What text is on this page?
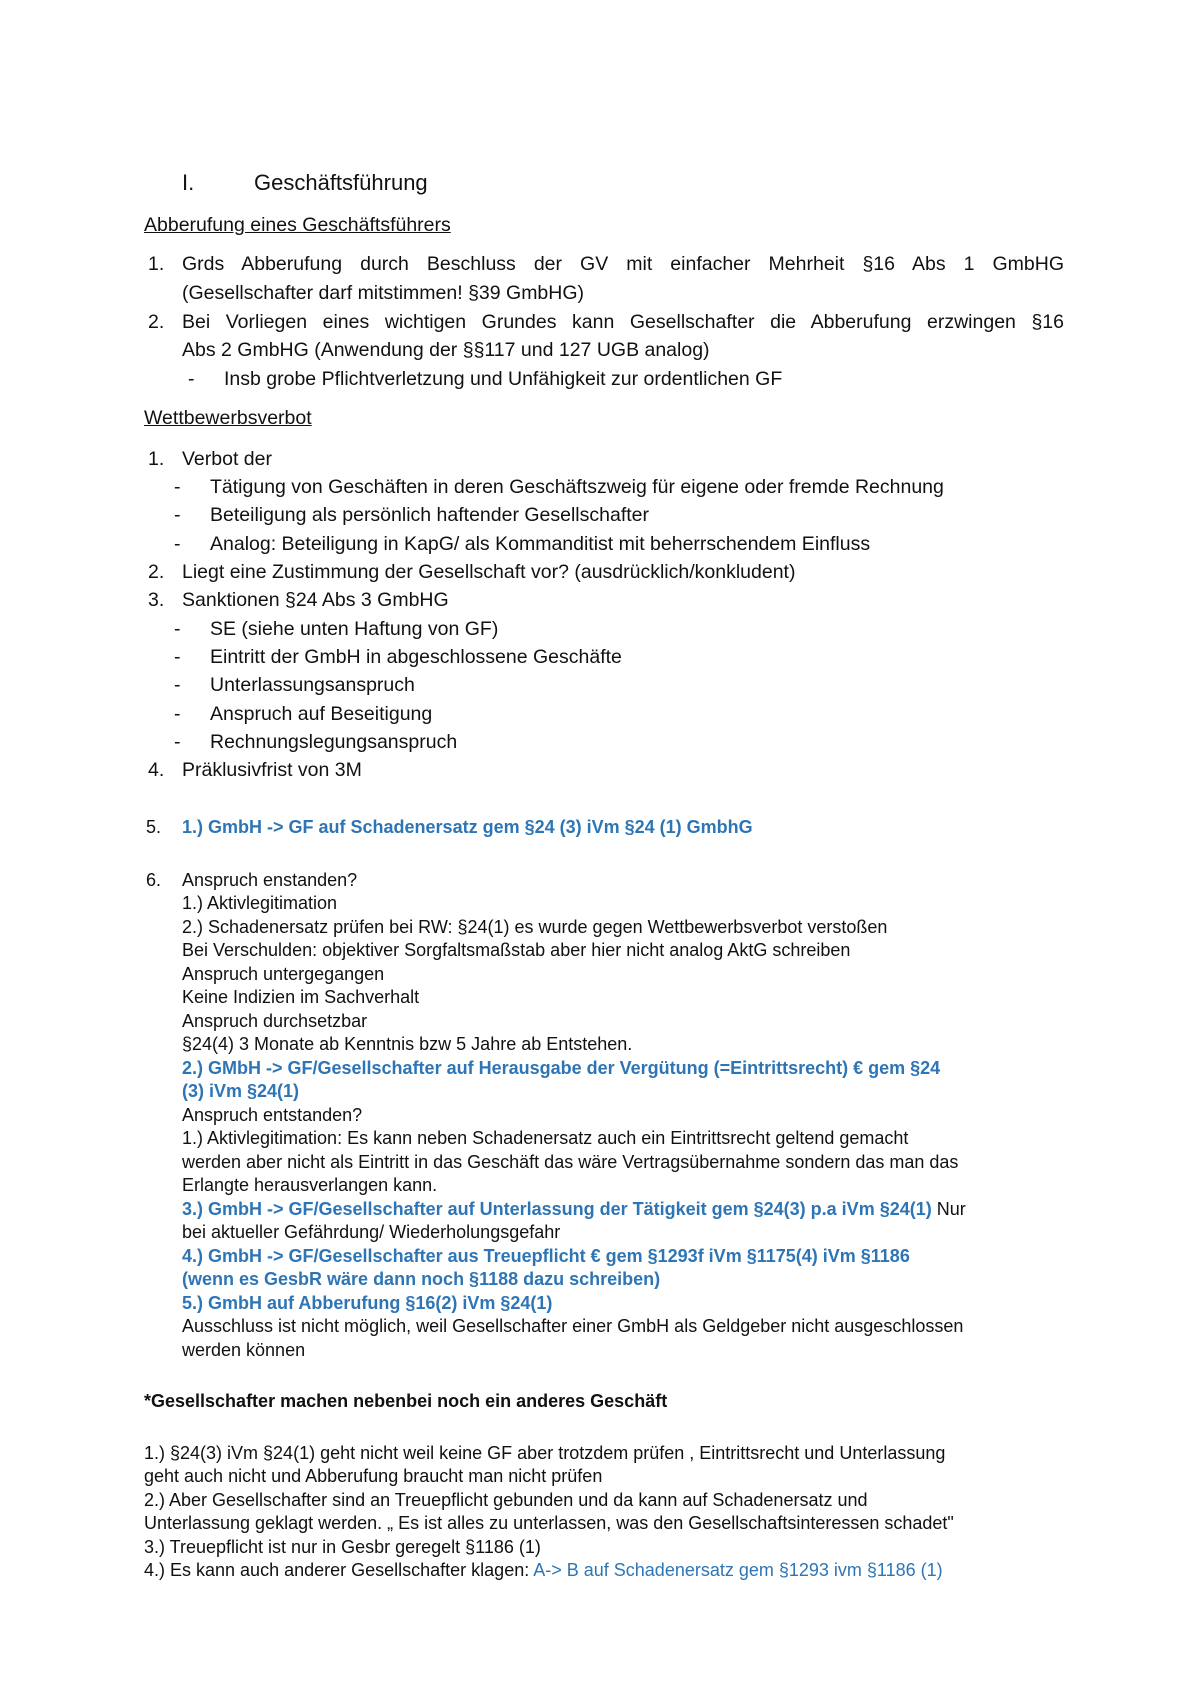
I.	Geschäftsführung
Abberufung eines Geschäftsführers
1. Grds Abberufung durch Beschluss der GV mit einfacher Mehrheit §16 Abs 1 GmbHG
(Gesellschafter darf mitstimmen! §39 GmbHG)
2. Bei Vorliegen eines wichtigen Grundes kann Gesellschafter die Abberufung erzwingen §16
Abs 2 GmbHG (Anwendung der §§117 und 127 UGB analog)
- Insb grobe Pflichtverletzung und Unfähigkeit zur ordentlichen GF
Wettbewerbsverbot
1. Verbot der
- Tätigung von Geschäften in deren Geschäftszweig für eigene oder fremde Rechnung
- Beteiligung als persönlich haftender Gesellschafter
- Analog: Beteiligung in KapG/ als Kommanditist mit beherrschendem Einfluss
2. Liegt eine Zustimmung der Gesellschaft vor? (ausdrücklich/konkludent)
3. Sanktionen §24 Abs 3 GmbHG
- SE (siehe unten Haftung von GF)
- Eintritt der GmbH in abgeschlossene Geschäfte
- Unterlassungsanspruch
- Anspruch auf Beseitigung
- Rechnungslegungsanspruch
4. Präklusivfrist von 3M
5. 1.) GmbH -> GF auf Schadenersatz gem §24 (3) iVm §24 (1) GmbhG
6. Anspruch enstanden?
1.) Aktivlegitimation
2.) Schadenersatz prüfen bei RW: §24(1) es wurde gegen Wettbewerbsverbot verstoßen
Bei Verschulden: objektiver Sorgfaltsmaßstab aber hier nicht analog AktG schreiben
Anspruch untergegangen
Keine Indizien im Sachverhalt
Anspruch durchsetzbar
§24(4) 3 Monate ab Kenntnis bzw 5 Jahre ab Entstehen.
2.) GMbH -> GF/Gesellschafter auf Herausgabe der Vergütung (=Eintrittsrecht) € gem §24
(3) iVm §24(1)
Anspruch entstanden?
1.) Aktivlegitimation: Es kann neben Schadenersatz auch ein Eintrittsrecht geltend gemacht
werden aber nicht als Eintritt in das Geschäft das wäre Vertragsübernahme sondern das man das
Erlangte herausverlangen kann.
3.) GmbH -> GF/Gesellschafter auf Unterlassung der Tätigkeit gem §24(3) p.a iVm §24(1) Nur
bei aktueller Gefährdung/ Wiederholungsgefahr
4.) GmbH -> GF/Gesellschafter aus Treuepflicht € gem §1293f iVm §1175(4) iVm §1186
(wenn es GesbR wäre dann noch §1188 dazu schreiben)
5.) GmbH auf Abberufung §16(2) iVm §24(1)
Ausschluss ist nicht möglich, weil Gesellschafter einer GmbH als Geldgeber nicht ausgeschlossen
werden können
*Gesellschafter machen nebenbei noch ein anderes Geschäft
1.) §24(3) iVm §24(1) geht nicht weil keine GF aber trotzdem prüfen , Eintrittsrecht und Unterlassung
geht auch nicht und Abberufung braucht man nicht prüfen
2.) Aber Gesellschafter sind an Treuepflicht gebunden und da kann auf Schadenersatz und
Unterlassung geklagt werden. „ Es ist alles zu unterlassen, was den Gesellschaftsinteressen schadet"
3.) Treuepflicht ist nur in Gesbr geregelt §1186 (1)
4.) Es kann auch anderer Gesellschafter klagen: A-> B auf Schadenersatz gem §1293 ivm §1186 (1)
